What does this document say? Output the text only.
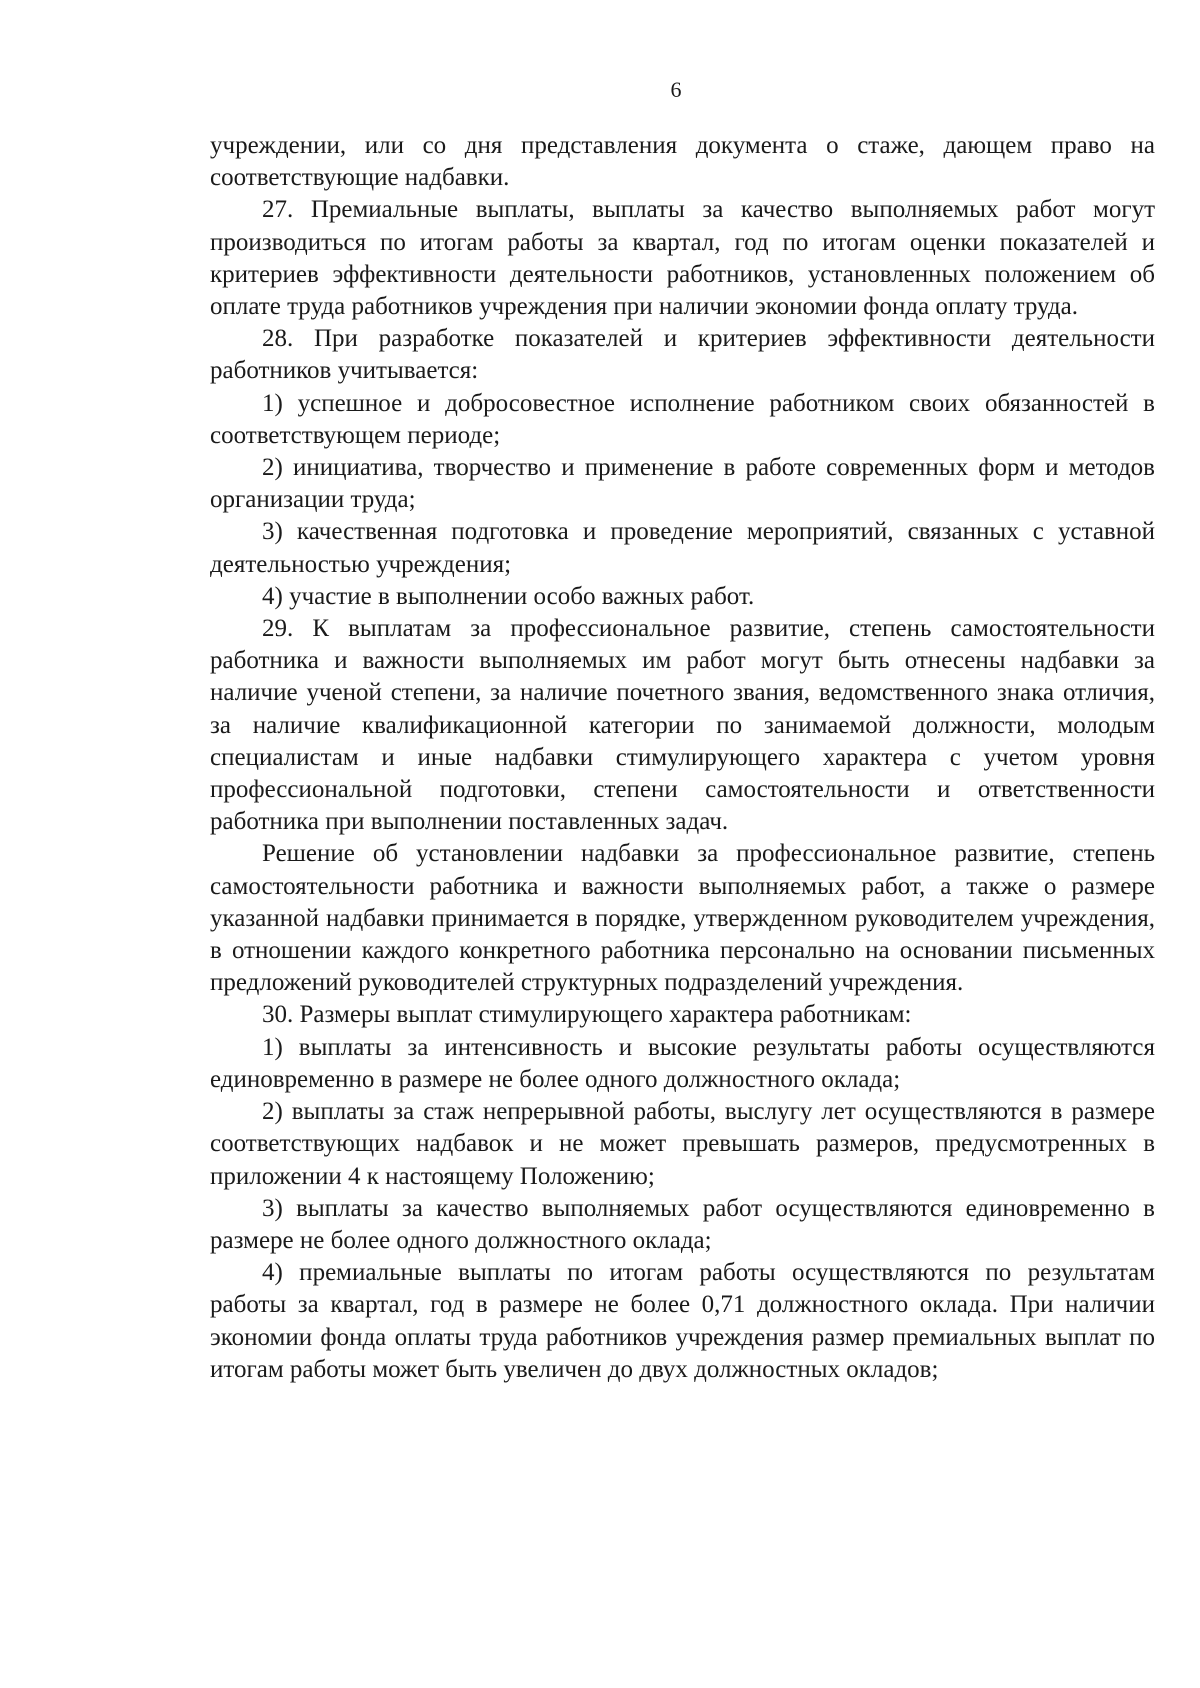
6

учреждении, или со дня представления документа о стаже, дающем право на соответствующие надбавки.

27. Премиальные выплаты, выплаты за качество выполняемых работ могут производиться по итогам работы за квартал, год по итогам оценки показателей и критериев эффективности деятельности работников, установленных положением об оплате труда работников учреждения при наличии экономии фонда оплату труда.

28. При разработке показателей и критериев эффективности деятельности работников учитывается:

1) успешное и добросовестное исполнение работником своих обязанностей в соответствующем периоде;

2) инициатива, творчество и применение в работе современных форм и методов организации труда;

3) качественная подготовка и проведение мероприятий, связанных с уставной деятельностью учреждения;

4) участие в выполнении особо важных работ.

29. К выплатам за профессиональное развитие, степень самостоятельности работника и важности выполняемых им работ могут быть отнесены надбавки за наличие ученой степени, за наличие почетного звания, ведомственного знака отличия, за наличие квалификационной категории по занимаемой должности, молодым специалистам и иные надбавки стимулирующего характера с учетом уровня профессиональной подготовки, степени самостоятельности и ответственности работника при выполнении поставленных задач.

Решение об установлении надбавки за профессиональное развитие, степень самостоятельности работника и важности выполняемых работ, а также о размере указанной надбавки принимается в порядке, утвержденном руководителем учреждения, в отношении каждого конкретного работника персонально на основании письменных предложений руководителей структурных подразделений учреждения.

30. Размеры выплат стимулирующего характера работникам:

1) выплаты за интенсивность и высокие результаты работы осуществляются единовременно в размере не более одного должностного оклада;

2) выплаты за стаж непрерывной работы, выслугу лет осуществляются в размере соответствующих надбавок и не может превышать размеров, предусмотренных в приложении 4 к настоящему Положению;

3) выплаты за качество выполняемых работ осуществляются единовременно в размере не более одного должностного оклада;

4) премиальные выплаты по итогам работы осуществляются по результатам работы за квартал, год в размере не более 0,71 должностного оклада. При наличии экономии фонда оплаты труда работников учреждения размер премиальных выплат по итогам работы может быть увеличен до двух должностных окладов;
